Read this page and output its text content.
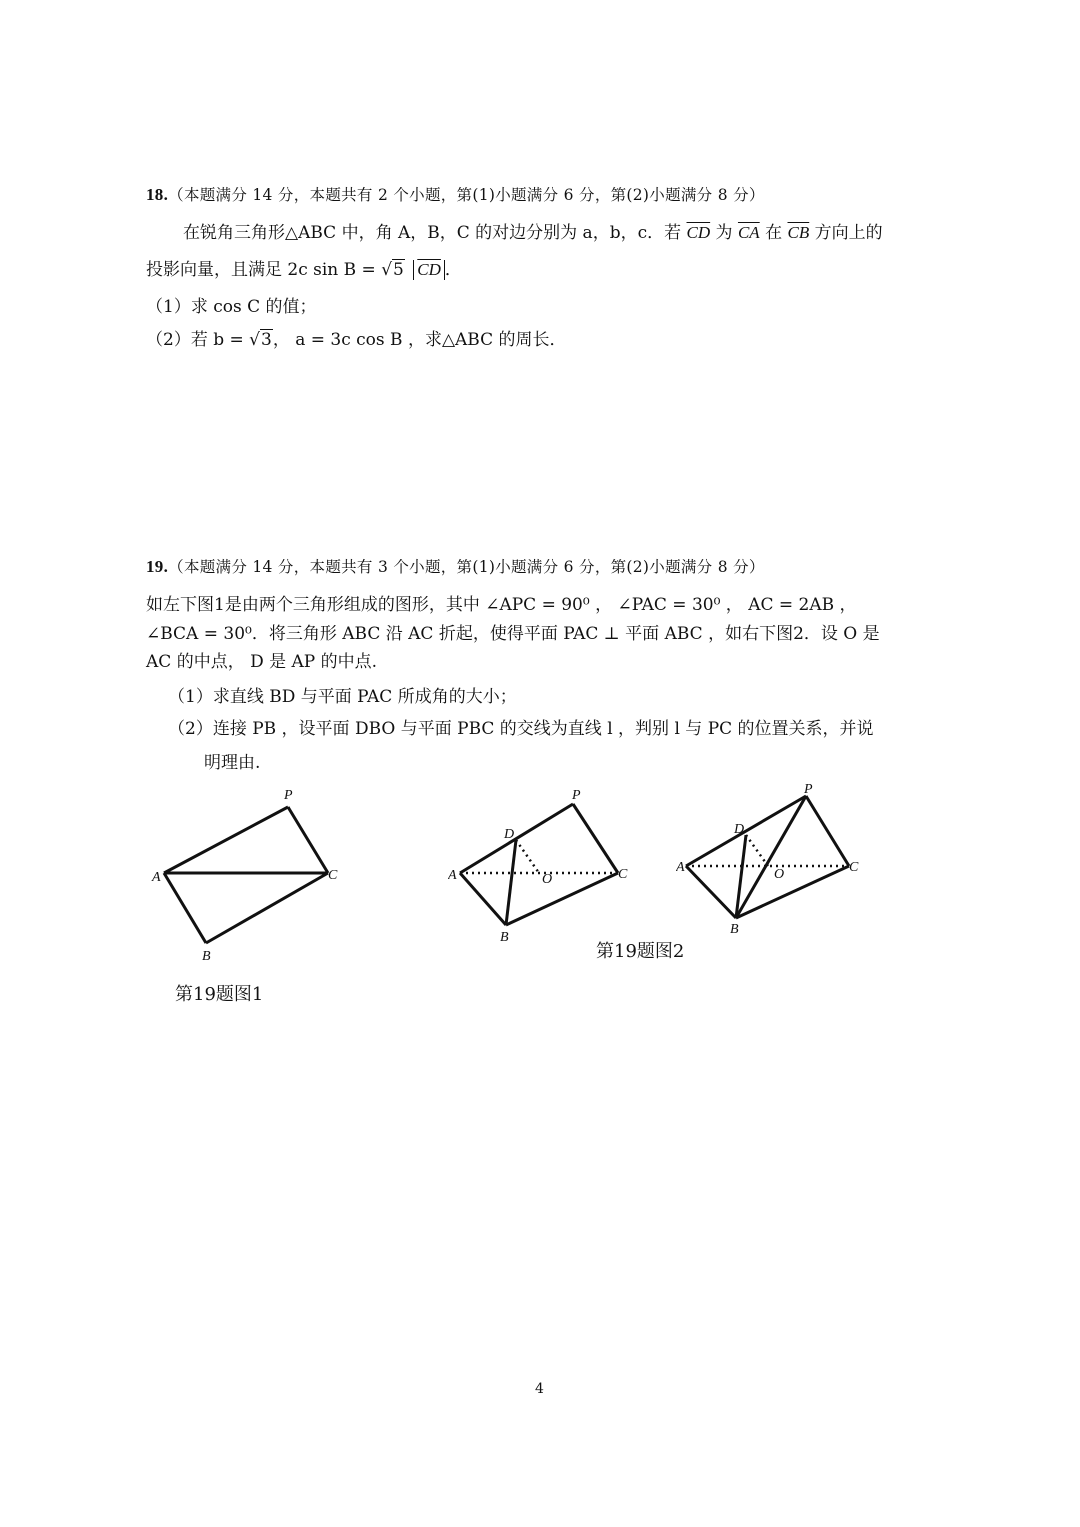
18.（本题满分 14 分，本题共有 2 个小题，第(1)小题满分 6 分，第(2)小题满分 8 分）
在锐角三角形△ABC 中，角 A，B，C 的对边分别为 a，b，c．若 $\overline{CD}$ 为 $\overline{CA}$ 在 $\overline{CB}$ 方向上的
投影向量，且满足 2c sin B = √5 $\overline{CD}$ ．
（1）求 cos C 的值；
（2）若 b = √3， a = 3c cos B ，求△ABC 的周长．
19.（本题满分 14 分，本题共有 3 个小题，第(1)小题满分 6 分，第(2)小题满分 8 分）
如左下图1是由两个三角形组成的图形，其中 ∠APC = 90⁰ ， ∠PAC = 30⁰ ， AC = 2AB ，
∠BCA = 30⁰．将三角形 ABC 沿 AC 折起，使得平面 PAC ⊥ 平面 ABC ，如右下图2．设 O 是
AC 的中点， D 是 AP 的中点.
（1）求直线 BD 与平面 PAC 所成角的大小；
（2）连接 PB ，设平面 DBO 与平面 PBC 的交线为直线 l ，判别 l 与 PC 的位置关系，并说
明理由.
A
P
C
B
第19题图1
A
P
C
B
D
O
A
P
C
B
D
O
第19题图2
4
